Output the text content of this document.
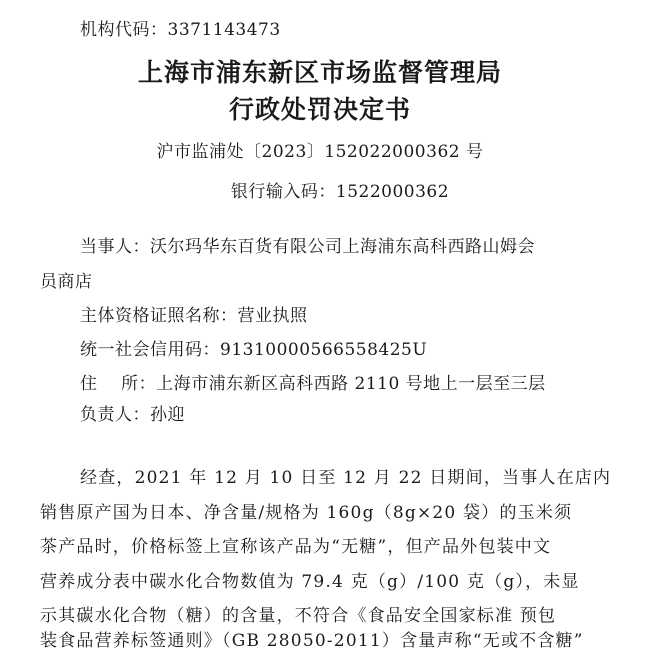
机构代码：3371143473
上海市浦东新区市场监督管理局
行政处罚决定书
沪市监浦处〔2023〕152022000362 号
银行输入码：1522000362
当事人：沃尔玛华东百货有限公司上海浦东高科西路山姆会
员商店
主体资格证照名称：营业执照
统一社会信用码：91310000566558425U
住    所：上海市浦东新区高科西路 2110 号地上一层至三层
负责人：孙迎
经查，2021 年 12 月 10 日至 12 月 22 日期间，当事人在店内
销售原产国为日本、净含量/规格为 160g（8g×20 袋）的玉米须
茶产品时，价格标签上宣称该产品为“无糖”，但产品外包装中文
营养成分表中碳水化合物数值为 79.4 克（g）/100 克（g），未显
示其碳水化合物（糖）的含量，不符合《食品安全国家标准 预包
装食品营养标签通则》（GB 28050-2011）含量声称“无或不含糖”
